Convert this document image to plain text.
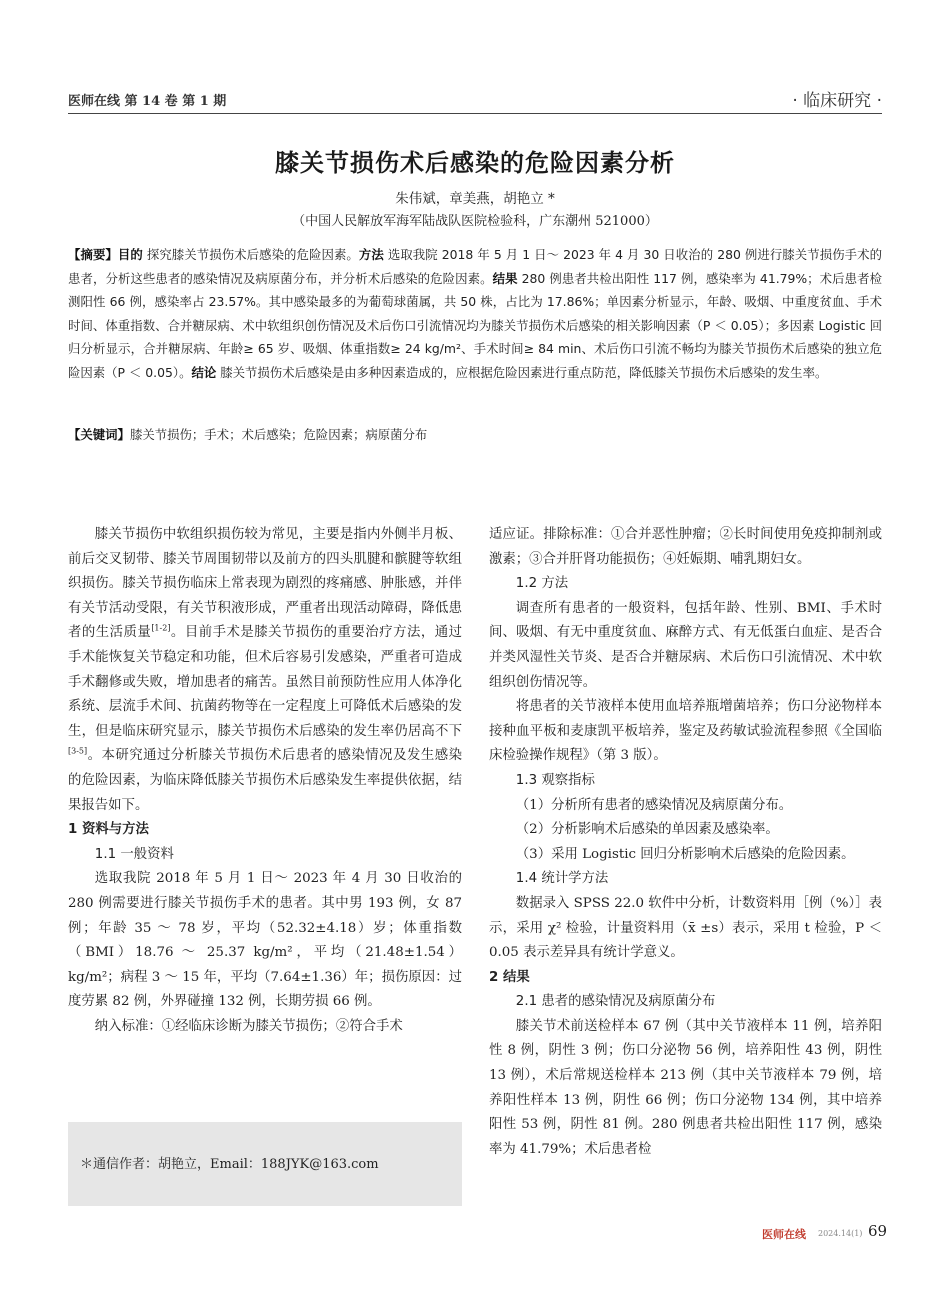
医师在线 第 14 卷 第 1 期	· 临床研究 ·
膝关节损伤术后感染的危险因素分析
朱伟斌，章美燕，胡艳立 *
（中国人民解放军海军陆战队医院检验科，广东潮州 521000）
【摘要】目的 探究膝关节损伤术后感染的危险因素。方法 选取我院 2018 年 5 月 1 日～ 2023 年 4 月 30 日收治的 280 例进行膝关节损伤手术的患者，分析这些患者的感染情况及病原菌分布，并分析术后感染的危险因素。结果 280 例患者共检出阳性 117 例，感染率为 41.79%；术后患者检测阳性 66 例，感染率占 23.57%。其中感染最多的为葡萄球菌属，共 50 株，占比为 17.86%；单因素分析显示，年龄、吸烟、中重度贫血、手术时间、体重指数、合并糖尿病、术中软组织创伤情况及术后伤口引流情况均为膝关节损伤术后感染的相关影响因素（P ＜ 0.05）；多因素 Logistic 回归分析显示，合并糖尿病、年龄≥ 65 岁、吸烟、体重指数≥ 24 kg/m²、手术时间≥ 84 min、术后伤口引流不畅均为膝关节损伤术后感染的独立危险因素（P ＜ 0.05）。结论 膝关节损伤术后感染是由多种因素造成的，应根据危险因素进行重点防范，降低膝关节损伤术后感染的发生率。
【关键词】膝关节损伤；手术；术后感染；危险因素；病原菌分布

膝关节损伤中软组织损伤较为常见，主要是指内外侧半月板、前后交叉韧带、膝关节周围韧带以及前方的四头肌腱和髌腱等软组织损伤。膝关节损伤临床上常表现为剧烈的疼痛感、肿胀感，并伴有关节活动受限，有关节积液形成，严重者出现活动障碍，降低患者的生活质量[1-2]。目前手术是膝关节损伤的重要治疗方法，通过手术能恢复关节稳定和功能，但术后容易引发感染，严重者可造成手术翻修或失败，增加患者的痛苦。虽然目前预防性应用人体净化系统、层流手术间、抗菌药物等在一定程度上可降低术后感染的发生，但是临床研究显示，膝关节损伤术后感染的发生率仍居高不下[3-5]。本研究通过分析膝关节损伤术后患者的感染情况及发生感染的危险因素，为临床降低膝关节损伤术后感染发生率提供依据，结果报告如下。

1 资料与方法

1.1 一般资料

选取我院 2018 年 5 月 1 日～ 2023 年 4 月 30 日收治的 280 例需要进行膝关节损伤手术的患者。其中男 193 例，女 87 例；年龄 35 ～ 78 岁，平均（52.32±4.18）岁；体重指数（BMI）18.76 ～ 25.37 kg/m²，平均（21.48±1.54）kg/m²；病程 3 ～ 15 年，平均（7.64±1.36）年；损伤原因：过度劳累 82 例，外界碰撞 132 例，长期劳损 66 例。

纳入标准：①经临床诊断为膝关节损伤；②符合手术

适应证。排除标准：①合并恶性肿瘤；②长时间使用免疫抑制剂或激素；③合并肝肾功能损伤；④妊娠期、哺乳期妇女。

1.2 方法

调查所有患者的一般资料，包括年龄、性别、BMI、手术时间、吸烟、有无中重度贫血、麻醉方式、有无低蛋白血症、是否合并类风湿性关节炎、是否合并糖尿病、术后伤口引流情况、术中软组织创伤情况等。

将患者的关节液样本使用血培养瓶增菌培养；伤口分泌物样本接种血平板和麦康凯平板培养，鉴定及药敏试验流程参照《全国临床检验操作规程》（第 3 版）。

1.3 观察指标

（1）分析所有患者的感染情况及病原菌分布。

（2）分析影响术后感染的单因素及感染率。

（3）采用 Logistic 回归分析影响术后感染的危险因素。

1.4 统计学方法

数据录入 SPSS 22.0 软件中分析，计数资料用［例（%）］表示，采用 χ² 检验，计量资料用（x̄ ±s）表示，采用 t 检验，P ＜ 0.05 表示差异具有统计学意义。

2 结果

2.1 患者的感染情况及病原菌分布

膝关节术前送检样本 67 例（其中关节液样本 11 例，培养阳性 8 例，阴性 3 例；伤口分泌物 56 例，培养阳性 43 例，阴性 13 例），术后常规送检样本 213 例（其中关节液样本 79 例，培养阳性样本 13 例，阴性 66 例；伤口分泌物 134 例，其中培养阳性 53 例，阴性 81 例。280 例患者共检出阳性 117 例，感染率为 41.79%；术后患者检

＊通信作者：胡艳立，Email：188JYK@163.com
医师在线 2024.14(1) 69
